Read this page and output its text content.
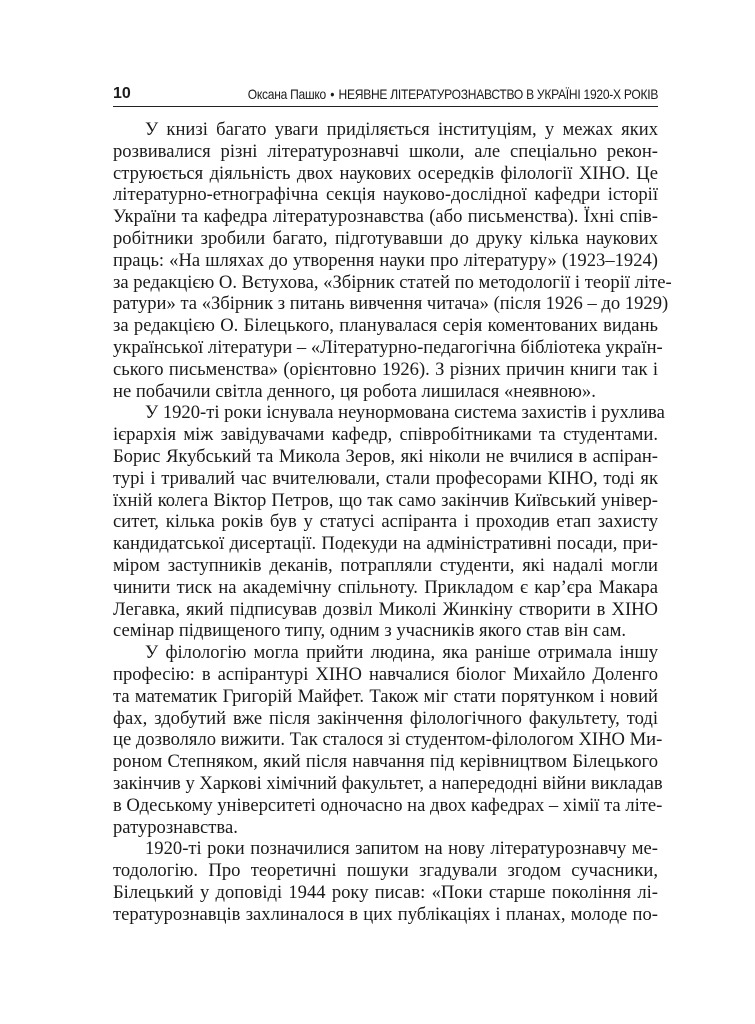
10	Оксана Пашко • НЕЯВНЕ ЛІТЕРАТУРОЗНАВСТВО В УКРАЇНІ 1920-Х РОКІВ
У книзі багато уваги приділяється інституціям, у межах яких
розвивалися різні літературознавчі школи, але спеціально рекон-
струюється діяльність двох наукових осередків філології ХІНО. Це
літературно-етнографічна секція науково-дослідної кафедри історії
України та кафедра літературознавства (або письменства). Їхні спів-
робітники зробили багато, підготувавши до друку кілька наукових
праць: «На шляхах до утворення науки про літературу» (1923–1924)
за редакцією О. Вєтухова, «Збірник статей по методології і теорії літе-
ратури» та «Збірник з питань вивчення читача» (після 1926 – до 1929)
за редакцією О. Білецького, планувалася серія коментованих видань
української літератури – «Літературно-педагогічна бібліотека україн-
ського письменства» (орієнтовно 1926). З різних причин книги так і
не побачили світла денного, ця робота лишилася «неявною».
У 1920-ті роки існувала неунормована система захистів і рухлива
ієрархія між завідувачами кафедр, співробітниками та студентами.
Борис Якубський та Микола Зеров, які ніколи не вчилися в аспіран-
турі і тривалий час вчителювали, стали професорами КІНО, тоді як
їхній колега Віктор Петров, що так само закінчив Київський універ-
ситет, кілька років був у статусі аспіранта і проходив етап захисту
кандидатської дисертації. Подекуди на адміністративні посади, при-
міром заступників деканів, потрапляли студенти, які надалі могли
чинити тиск на академічну спільноту. Прикладом є кар’єра Макара
Легавка, який підписував дозвіл Миколі Жинкіну створити в ХІНО
семінар підвищеного типу, одним з учасників якого став він сам.
У філологію могла прийти людина, яка раніше отримала іншу
професію: в аспірантурі ХІНО навчалися біолог Михайло Доленго
та математик Григорій Майфет. Також міг стати порятунком і новий
фах, здобутий вже після закінчення філологічного факультету, тоді
це дозволяло вижити. Так сталося зі студентом-філологом ХІНО Ми-
роном Степняком, який після навчання під керівництвом Білецького
закінчив у Харкові хімічний факультет, а напередодні війни викладав
в Одеському університеті одночасно на двох кафедрах – хімії та літе-
ратурознавства.
1920-ті роки позначилися запитом на нову літературознавчу ме-
тодологію. Про теоретичні пошуки згадували згодом сучасники,
Білецький у доповіді 1944 року писав: «Поки старше покоління лі-
тературознавців захлиналося в цих публікаціях і планах, молоде по-
